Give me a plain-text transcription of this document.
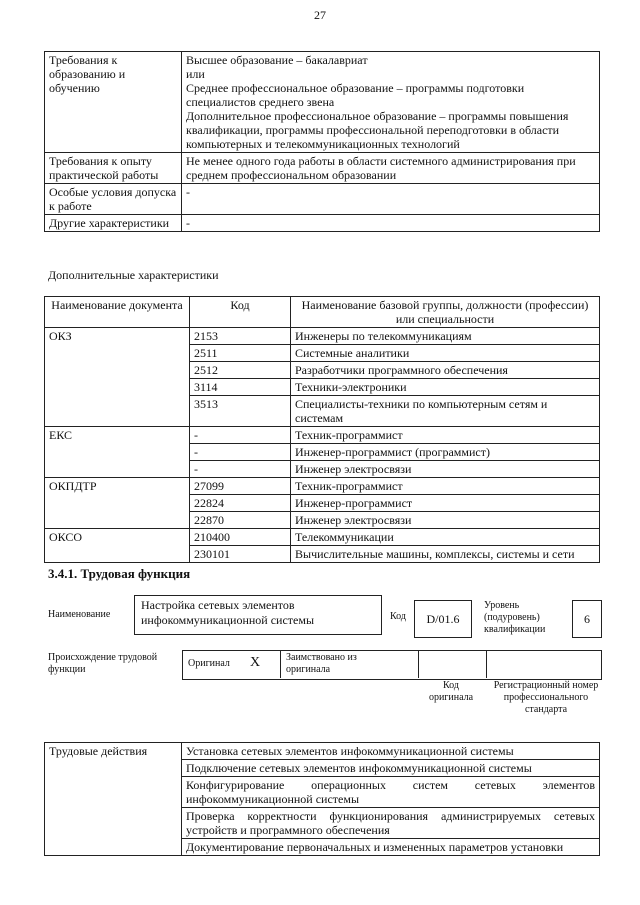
27
Требования к образованию и обучению	Высшее образование – бакалавриат
или
Среднее профессиональное образование – программы подготовки специалистов среднего звена
Дополнительное профессиональное образование – программы повышения квалификации, программы профессиональной переподготовки в области компьютерных и телекоммуникационных технологий

Требования к опыту практической работы	Не менее одного года работы в области системного администрирования при среднем профессиональном образовании
Особые условия допуска к работе	-
Другие характеристики	-
Дополнительные характеристики
Наименование документа	Код	Наименование базовой группы, должности (профессии) или специальности
ОКЗ	2153	Инженеры по телекоммуникациям
	2511	Системные аналитики
	2512	Разработчики программного обеспечения
	3114	Техники-электроники
	3513	Специалисты-техники по компьютерным сетям и системам
ЕКС	-	Техник-программист
	-	Инженер-программист (программист)
	-	Инженер электросвязи
ОКПДТР	27099	Техник-программист
	22824	Инженер-программист
	22870	Инженер электросвязи
ОКСО	210400	Телекоммуникации
	230101	Вычислительные машины, комплексы, системы и сети
3.4.1. Трудовая функция
Наименование
Настройка сетевых элементов инфокоммуникационной системы	Код	D/01.6
Уровень (подуровень) квалификации
6
Происхождение трудовой функции
Оригинал X	Заимствовано из оригинала
Код оригинала
Регистрационный номер профессионального стандарта
Трудовые действия	Установка сетевых элементов инфокоммуникационной системы
Подключение сетевых элементов инфокоммуникационной системы
Конфигурирование операционных систем сетевых элементов инфокоммуникационной системы
Проверка корректности функционирования администрируемых сетевых устройств и программного обеспечения
Документирование первоначальных и измененных параметров установки
